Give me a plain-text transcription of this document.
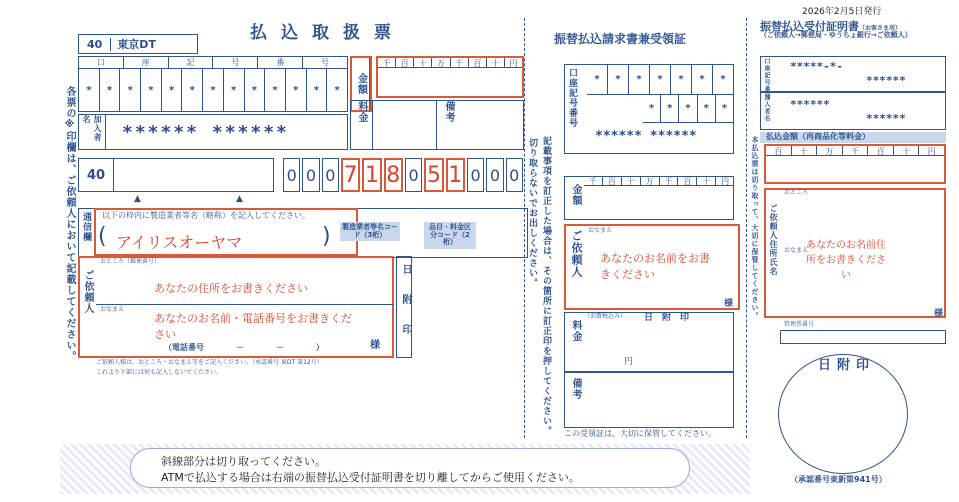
払込取扱票
40	東京DT
口	座	記	号	番	号
*	*	*	*	*	*	*	*	*	*	*	*	*	金額
千	百	十	万	千	百	十	円
加入者名
****** ******
料金	備考
40
▲	▲
0 0 0 7 1 8 0 5 1 0 0 0
各票の※印欄は、ご依頼人において記載してください。 通信欄 以下の枠内に製造業者等名（略称）を記入してください。
アイリスオーヤマ
(	) 製造業者等名コード（3桁）
品目・料金区分コード（2桁）
ご依頼人
おところ（郵便番号）
あなたの住所をお書きください
おなまえ
あなたのお名前・電話番号をお書きください
様
（電話番号　　　　－　　　　－　　　　）
ご依頼人様は、おところ・おなまえ等をご記入ください。（承認番号 東DT 第12号）
これより下部には何も記入しないでください。
日附印
切り取らないでお出しください。
振替払込請求書兼受領証
記載事項を訂正した場合は、その箇所に訂正印を押してください。
*	*	*	*	*	*	*
*	*	*	*	*
****** ******
口座記号番号
金額
千	百	十	万	千	百	十	円
ご依頼人 おなまえ
あなたのお名前をお書きください
様
料金
（消費税込み） 日　附　印
円
備考
この受領証は、大切に保管してください。
2026年2月5日発行
振替払込受付証明書（お客さま用）
（ご依頼人→郵便局・ゆうちょ銀行→ご依頼人）
口座記号番号 *****-*-
******
加入者名 ******
******
払込金額（再商品化等料金）
百	十	万	千	百	十	円
本払込票は切り取って、大切に保管してください。 ご依頼人住所氏名
おところ
おなまえ
あなたのお名前住所をお書きください
様
管理票番号
日附印
（承認番号東新第941号）
斜線部分は切り取ってください。
ATMで払込する場合は右端の振替払込受付証明書を切り離してからご使用ください。
